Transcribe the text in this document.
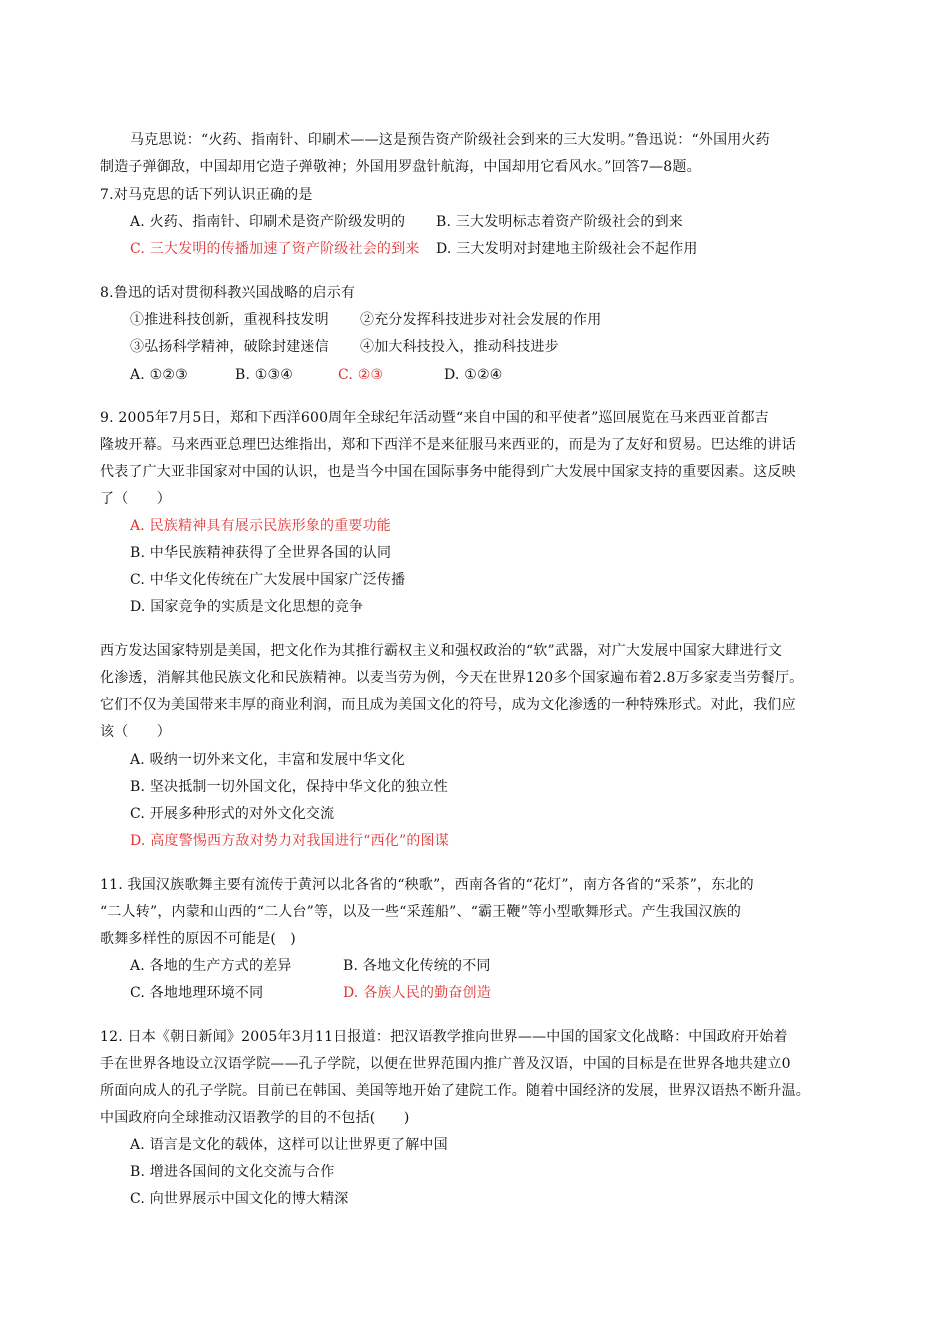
马克思说：“火药、指南针、印刷术——这是预告资产阶级社会到来的三大发明。”鲁迅说：“外国用火药
制造子弹御敌，中国却用它造子弹敬神；外国用罗盘针航海，中国却用它看风水。”回答7—8题。
7.对马克思的话下列认识正确的是
A. 火药、指南针、印刷术是资产阶级发明的 B. 三大发明标志着资产阶级社会的到来
C. 三大发明的传播加速了资产阶级社会的到来 D. 三大发明对封建地主阶级社会不起作用
8.鲁迅的话对贯彻科教兴国战略的启示有
①推进科技创新，重视科技发明 ②充分发挥科技进步对社会发展的作用
③弘扬科学精神，破除封建迷信 ④加大科技投入，推动科技进步
A. ①②③	B. ①③④	C. ②③	D. ①②④
9. 2005年7月5日，郑和下西洋600周年全球纪年活动暨“来自中国的和平使者”巡回展览在马来西亚首都吉
隆坡开幕。马来西亚总理巴达维指出，郑和下西洋不是来征服马来西亚的，而是为了友好和贸易。巴达维的讲话
代表了广大亚非国家对中国的认识，也是当今中国在国际事务中能得到广大发展中国家支持的重要因素。这反映
了（　　）
A. 民族精神具有展示民族形象的重要功能
B. 中华民族精神获得了全世界各国的认同
C. 中华文化传统在广大发展中国家广泛传播
D. 国家竞争的实质是文化思想的竞争
西方发达国家特别是美国，把文化作为其推行霸权主义和强权政治的“软”武器，对广大发展中国家大肆进行文
化渗透，消解其他民族文化和民族精神。以麦当劳为例，今天在世界120多个国家遍布着2.8万多家麦当劳餐厅。
它们不仅为美国带来丰厚的商业利润，而且成为美国文化的符号，成为文化渗透的一种特殊形式。对此，我们应
该（　　）
A. 吸纳一切外来文化，丰富和发展中华文化
B. 坚决抵制一切外国文化，保持中华文化的独立性
C. 开展多种形式的对外文化交流
D. 高度警惕西方敌对势力对我国进行“西化”的图谋
11. 我国汉族歌舞主要有流传于黄河以北各省的“秧歌”，西南各省的“花灯”，南方各省的“采茶”，东北的
“二人转”，内蒙和山西的“二人台”等，以及一些“采莲船”、“霸王鞭”等小型歌舞形式。产生我国汉族的
歌舞多样性的原因不可能是(　)
A. 各地的生产方式的差异	B. 各地文化传统的不同
C. 各地地理环境不同	D. 各族人民的勤奋创造
12. 日本《朝日新闻》2005年3月11日报道：把汉语教学推向世界——中国的国家文化战略：中国政府开始着
手在世界各地设立汉语学院——孔子学院，以便在世界范围内推广普及汉语，中国的目标是在世界各地共建立0
所面向成人的孔子学院。目前已在韩国、美国等地开始了建院工作。随着中国经济的发展，世界汉语热不断升温。
中国政府向全球推动汉语教学的目的不包括(　　)
A. 语言是文化的载体，这样可以让世界更了解中国
B. 增进各国间的文化交流与合作
C. 向世界展示中国文化的博大精深
